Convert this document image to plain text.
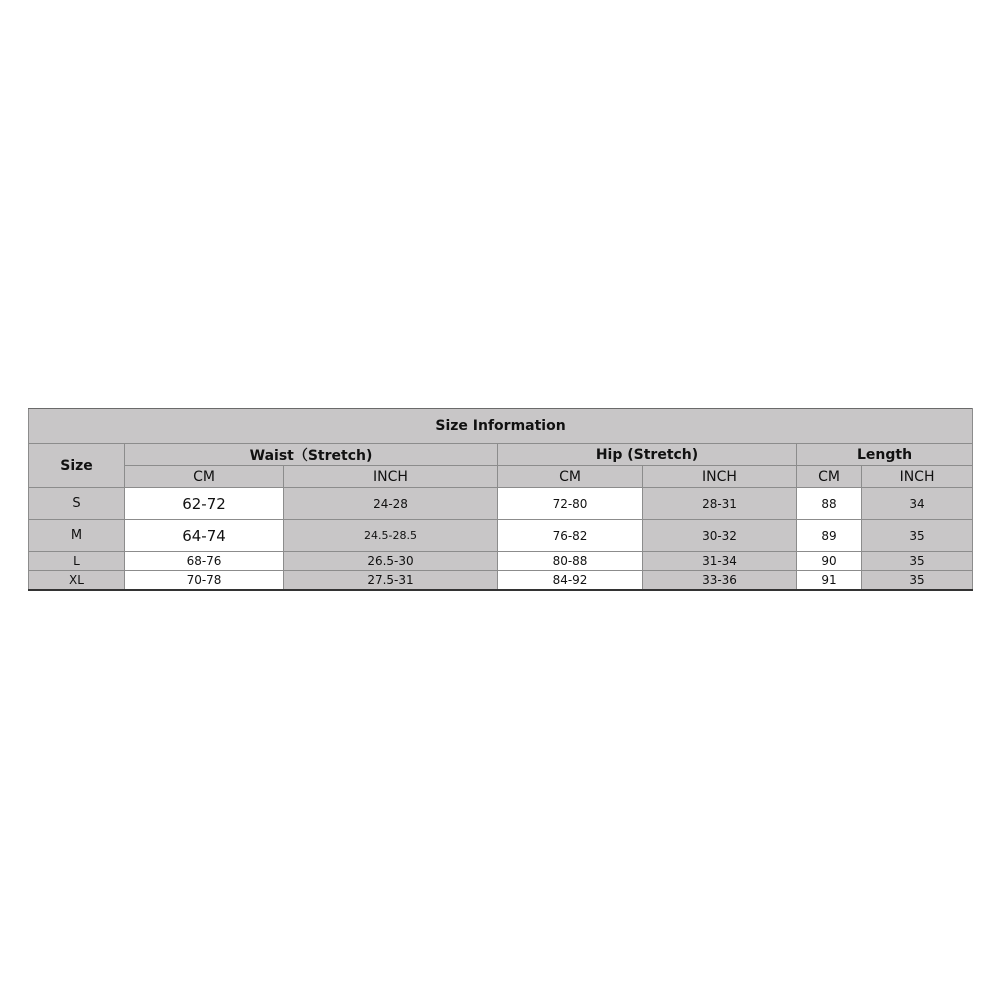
Size Information						
Size	Waist（Stretch)		Hip (Stretch)		Length	
	CM	INCH	CM	INCH	CM	INCH
S	62-72	24-28	72-80	28-31	88	34
M	64-74	24.5-28.5	76-82	30-32	89	35
L	68-76	26.5-30	80-88	31-34	90	35
XL	70-78	27.5-31	84-92	33-36	91	35
